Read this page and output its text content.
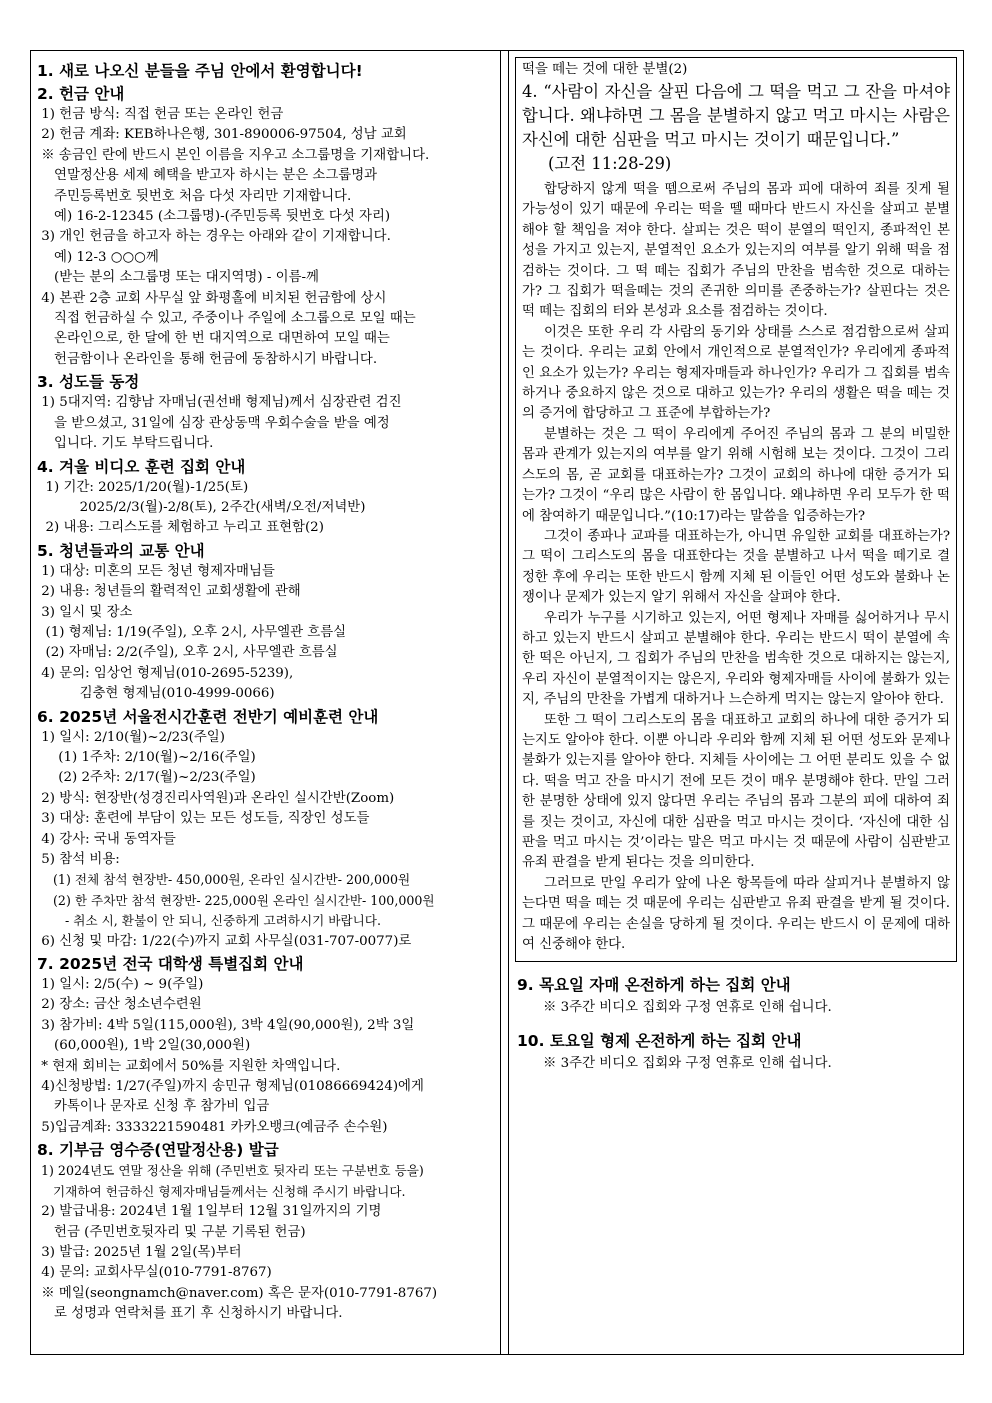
1. 새로 나오신 분들을 주님 안에서 환영합니다!
2. 헌금 안내
1) 헌금 방식: 직접 헌금 또는 온라인 헌금
2) 헌금 계좌: KEB하나은행, 301-890006-97504, 성남 교회
※ 송금인 란에 반드시 본인 이름을 지우고 소그룹명을 기재합니다.
연말정산용 세제 혜택을 받고자 하시는 분은 소그룹명과
주민등록번호 뒷번호 처음 다섯 자리만 기재합니다.
예) 16-2-12345 (소그룹명)-(주민등록 뒷번호 다섯 자리)
3) 개인 헌금을 하고자 하는 경우는 아래와 같이 기재합니다.
예) 12-3 ○○○께
(받는 분의 소그룹명 또는 대지역명) - 이름-께
4) 본관 2층 교회 사무실 앞 화평홀에 비치된 헌금함에 상시
직접 헌금하실 수 있고, 주중이나 주일에 소그룹으로 모일 때는
온라인으로, 한 달에 한 번 대지역으로 대면하여 모일 때는
헌금함이나 온라인을 통해 헌금에 동참하시기 바랍니다.
3. 성도들 동정
1) 5대지역: 김향남 자매님(권선배 형제님)께서 심장관련 검진
을 받으셨고, 31일에 심장 관상동맥 우회수술을 받을 예정
입니다. 기도 부탁드립니다.
4. 겨울 비디오 훈련 집회 안내
1) 기간: 2025/1/20(월)-1/25(토)
2025/2/3(월)-2/8(토), 2주간(새벽/오전/저녁반)
2) 내용: 그리스도를 체험하고 누리고 표현함(2)
5. 청년들과의 교통 안내
1) 대상: 미혼의 모든 청년 형제자매님들
2) 내용: 청년들의 활력적인 교회생활에 관해
3) 일시 및 장소
(1) 형제님: 1/19(주일), 오후 2시, 사무엘관 흐름실
(2) 자매님: 2/2(주일), 오후 2시, 사무엘관 흐름실
4) 문의: 임상언 형제님(010-2695-5239),
김충현 형제님(010-4999-0066)
6. 2025년 서울전시간훈련 전반기 예비훈련 안내
1) 일시: 2/10(월)~2/23(주일)
(1) 1주차: 2/10(월)~2/16(주일)
(2) 2주차: 2/17(월)~2/23(주일)
2) 방식: 현장반(성경진리사역원)과 온라인 실시간반(Zoom)
3) 대상: 훈련에 부담이 있는 모든 성도들, 직장인 성도들
4) 강사: 국내 동역자들
5) 참석 비용:
(1) 전체 참석 현장반- 450,000원, 온라인 실시간반- 200,000원
(2) 한 주차만 참석 현장반- 225,000원 온라인 실시간반- 100,000원
- 취소 시, 환불이 안 되니, 신중하게 고려하시기 바랍니다.
6) 신청 및 마감: 1/22(수)까지 교회 사무실(031-707-0077)로
7. 2025년 전국 대학생 특별집회 안내
1) 일시: 2/5(수) ~ 9(주일)
2) 장소: 금산 청소년수련원
3) 참가비: 4박 5일(115,000원), 3박 4일(90,000원), 2박 3일
(60,000원), 1박 2일(30,000원)
* 현재 회비는 교회에서 50%를 지원한 차액입니다.
4)신청방법: 1/27(주일)까지 송민규 형제님(01086669424)에게
카톡이나 문자로 신청 후 참가비 입금
5)입금계좌: 3333221590481 카카오뱅크(예금주 손수원)
8. 기부금 영수증(연말정산용) 발급
1) 2024년도 연말 정산을 위해 (주민번호 뒷자리 또는 구분번호 등을)
기재하여 헌금하신 형제자매님들께서는 신청해 주시기 바랍니다.
2) 발급내용: 2024년 1월 1일부터 12월 31일까지의 기명
헌금 (주민번호뒷자리 및 구분 기록된 헌금)
3) 발급: 2025년 1월 2일(목)부터
4) 문의: 교회사무실(010-7791-8767)
※ 메일(seongnamch@naver.com) 혹은 문자(010-7791-8767)
로 성명과 연락처를 표기 후 신청하시기 바랍니다.
떡을 떼는 것에 대한 분별(2)
4. “사람이 자신을 살핀 다음에 그 떡을 먹고 그 잔을 마셔야 합니다. 왜냐하면 그 몸을 분별하지 않고 먹고 마시는 사람은 자신에 대한 심판을 먹고 마시는 것이기 때문입니다.”
(고전 11:28-29)

합당하지 않게 떡을 뗌으로써 주님의 몸과 피에 대하여 죄를 짓게 될 가능성이 있기 때문에 우리는 떡을 뗄 때마다 반드시 자신을 살피고 분별해야 할 책임을 져야 한다. 살피는 것은 떡이 분열의 떡인지, 종파적인 본성을 가지고 있는지, 분열적인 요소가 있는지의 여부를 알기 위해 떡을 점검하는 것이다. 그 떡 떼는 집회가 주님의 만찬을 범속한 것으로 대하는가? 그 집회가 떡을떼는 것의 존귀한 의미를 존중하는가? 살핀다는 것은 떡 떼는 집회의 터와 본성과 요소를 점검하는 것이다.

이것은 또한 우리 각 사람의 동기와 상태를 스스로 점검함으로써 살피는 것이다. 우리는 교회 안에서 개인적으로 분열적인가? 우리에게 종파적인 요소가 있는가? 우리는 형제자매들과 하나인가? 우리가 그 집회를 범속하거나 중요하지 않은 것으로 대하고 있는가? 우리의 생활은 떡을 떼는 것의 증거에 합당하고 그 표준에 부합하는가?

분별하는 것은 그 떡이 우리에게 주어진 주님의 몸과 그 분의 비밀한 몸과 관계가 있는지의 여부를 알기 위해 시험해 보는 것이다. 그것이 그리스도의 몸, 곧 교회를 대표하는가? 그것이 교회의 하나에 대한 증거가 되는가? 그것이 “우리 많은 사람이 한 몸입니다. 왜냐하면 우리 모두가 한 떡에 참여하기 때문입니다.”(10:17)라는 말씀을 입증하는가?

그것이 종파나 교파를 대표하는가, 아니면 유일한 교회를 대표하는가? 그 떡이 그리스도의 몸을 대표한다는 것을 분별하고 나서 떡을 떼기로 결정한 후에 우리는 또한 반드시 함께 지체 된 이들인 어떤 성도와 불화나 논쟁이나 문제가 있는지 알기 위해서 자신을 살펴야 한다.

우리가 누구를 시기하고 있는지, 어떤 형제나 자매를 싫어하거나 무시하고 있는지 반드시 살피고 분별해야 한다. 우리는 반드시 떡이 분열에 속한 떡은 아닌지, 그 집회가 주님의 만찬을 범속한 것으로 대하지는 않는지, 우리 자신이 분열적이지는 않은지, 우리와 형제자매들 사이에 불화가 있는지, 주님의 만찬을 가볍게 대하거나 느슨하게 먹지는 않는지 알아야 한다.

또한 그 떡이 그리스도의 몸을 대표하고 교회의 하나에 대한 증거가 되는지도 알아야 한다. 이뿐 아니라 우리와 함께 지체 된 어떤 성도와 문제나 불화가 있는지를 알아야 한다. 지체들 사이에는 그 어떤 분리도 있을 수 없다. 떡을 먹고 잔을 마시기 전에 모든 것이 매우 분명해야 한다. 만일 그러한 분명한 상태에 있지 않다면 우리는 주님의 몸과 그분의 피에 대하여 죄를 짓는 것이고, 자신에 대한 심판을 먹고 마시는 것이다. ‘자신에 대한 심판을 먹고 마시는 것’이라는 말은 먹고 마시는 것 때문에 사람이 심판받고 유죄 판결을 받게 된다는 것을 의미한다.

그러므로 만일 우리가 앞에 나온 항목들에 따라 살피거나 분별하지 않는다면 떡을 떼는 것 때문에 우리는 심판받고 유죄 판결을 받게 될 것이다. 그 때문에 우리는 손실을 당하게 될 것이다. 우리는 반드시 이 문제에 대하여 신중해야 한다.

9. 목요일 자매 온전하게 하는 집회 안내
※ 3주간 비디오 집회와 구정 연휴로 인해 쉽니다.
10. 토요일 형제 온전하게 하는 집회 안내
※ 3주간 비디오 집회와 구정 연휴로 인해 쉽니다.
